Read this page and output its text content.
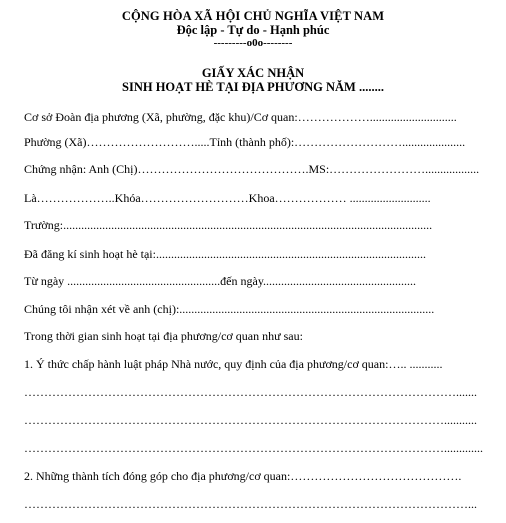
CỘNG HÒA XÃ HỘI CHỦ NGHĨA VIỆT NAM
Độc lập - Tự do - Hạnh phúc
---------o0o--------
GIẤY XÁC NHẬN
SINH HOẠT HÈ TẠI ĐỊA PHƯƠNG NĂM ........
Cơ sở Đoàn địa phương (Xã, phường, đặc khu)/Cơ quan:……………….............................
Phường (Xã)……………………….....Tỉnh (thành phố):……………………….....................
Chứng nhận: Anh (Chị)…………………………………….MS:……………………..................
Là………………..Khóa………………………Khoa……………… ...........................
Trường:...........................................................................................................................
Đã đăng kí sinh hoạt hè tại:..........................................................................................
Từ ngày ...................................................đến ngày...................................................
Chúng tôi nhận xét về anh (chị):.....................................................................................
Trong thời gian sinh hoạt tại địa phương/cơ quan như sau:
1. Ý thức chấp hành luật pháp Nhà nước, quy định của địa phương/cơ quan:….. ...........
……………………………………………………………………………………………….......
……………………………………………………………………………………………...........
…………………………………………………………………………………………….............
2. Những thành tích đóng góp cho địa phương/cơ quan:…………………………………….
…………………………………………………………………………………………………...
